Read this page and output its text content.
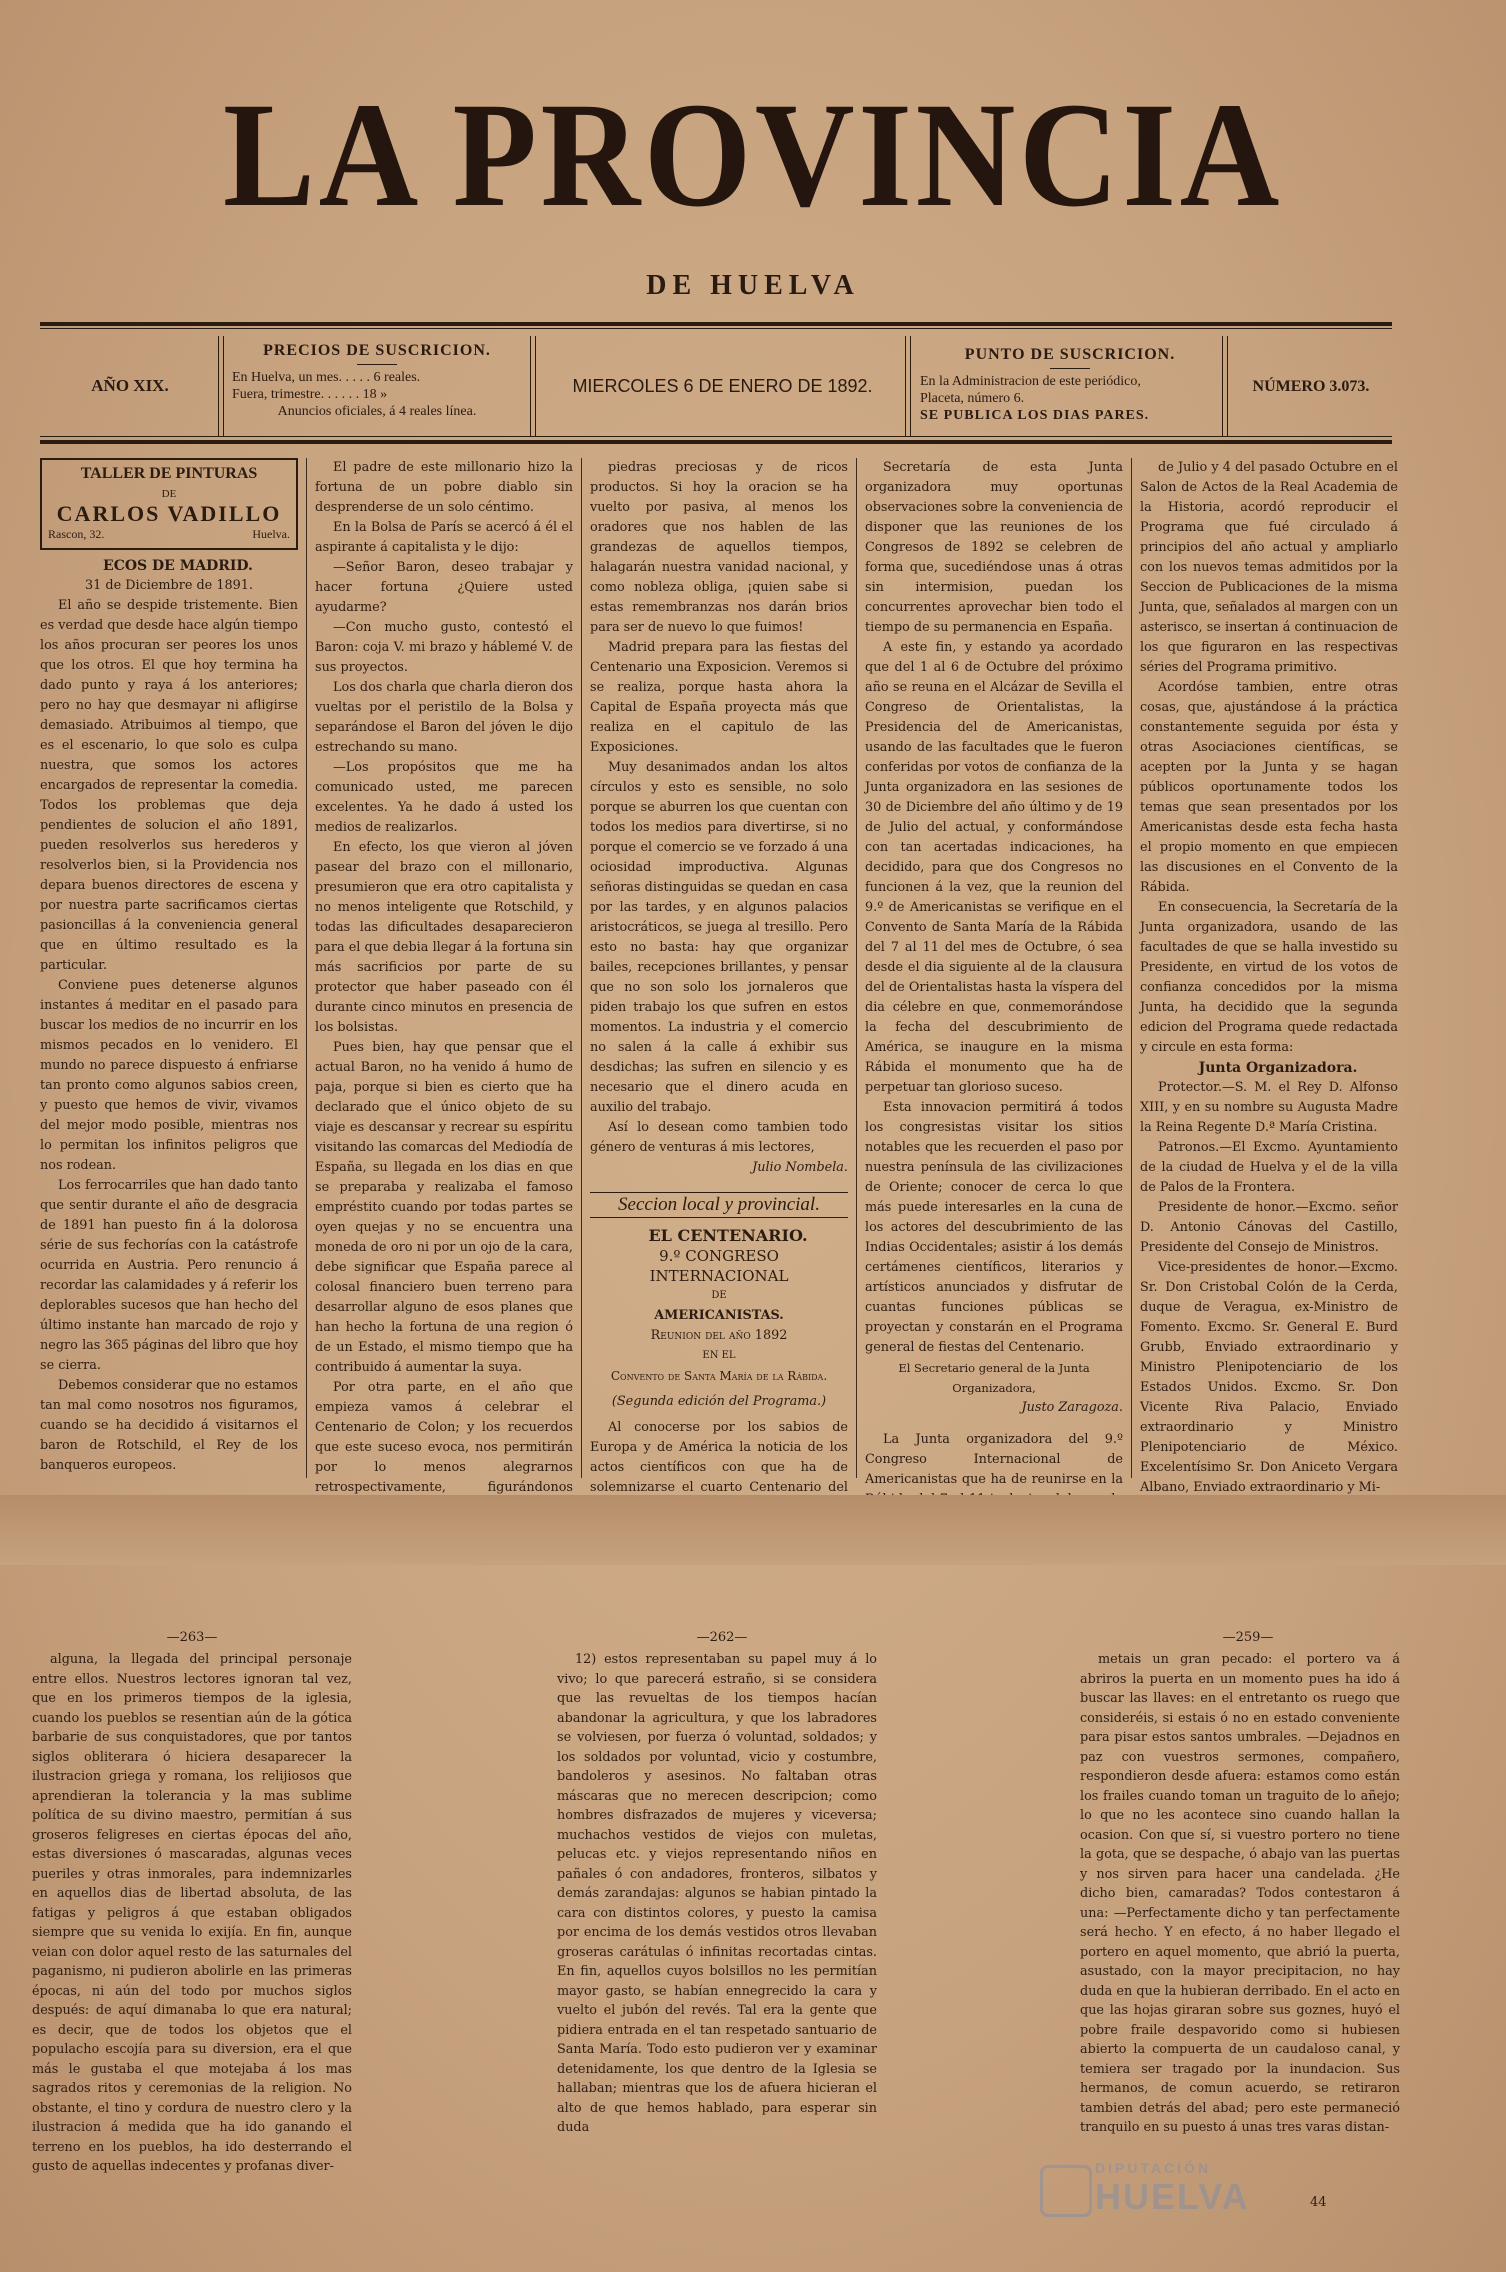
LA PROVINCIA
DE HUELVA
AÑO XIX.
PRECIOS DE SUSCRICION.
En Huelva, un mes. . . . . 6 reales.
Fuera, trimestre. . . . . . 18 »
Anuncios oficiales, á 4 reales línea.
MIERCOLES 6 DE ENERO DE 1892.
PUNTO DE SUSCRICION.
En la Administracion de este periódico,
Placeta, número 6.
SE PUBLICA LOS DIAS PARES.
NÚMERO 3.073.
TALLER DE PINTURAS
DE
CARLOS VADILLO
Rascon, 32.	Huelva.

ECOS DE MADRID.

31 de Diciembre de 1891.

El año se despide tristemente. Bien es verdad que desde hace algún tiempo los años procuran ser peores los unos que los otros. El que hoy termina ha dado punto y raya á los anteriores; pero no hay que desmayar ni afligirse demasiado. Atribuimos al tiempo, que es el escenario, lo que solo es culpa nuestra, que somos los actores encargados de representar la comedia. Todos los problemas que deja pendientes de solucion el año 1891, pueden resolverlos sus herederos y resolverlos bien, si la Providencia nos depara buenos directores de escena y por nuestra parte sacrificamos ciertas pasioncillas á la conveniencia general que en último resultado es la particular.

Conviene pues detenerse algunos instantes á meditar en el pasado para buscar los medios de no incurrir en los mismos pecados en lo venidero. El mundo no parece dispuesto á enfriarse tan pronto como algunos sabios creen, y puesto que hemos de vivir, vivamos del mejor modo posible, mientras nos lo permitan los infinitos peligros que nos rodean.

Los ferrocarriles que han dado tanto que sentir durante el año de desgracia de 1891 han puesto fin á la dolorosa série de sus fechorías con la catástrofe ocurrida en Austria. Pero renuncio á recordar las calamidades y á referir los deplorables sucesos que han hecho del último instante han marcado de rojo y negro las 365 páginas del libro que hoy se cierra.

Debemos considerar que no estamos tan mal como nosotros nos figuramos, cuando se ha decidido á visitarnos el baron de Rotschild, el Rey de los banqueros europeos.

El padre de este millonario hizo la fortuna de un pobre diablo sin desprenderse de un solo céntimo.

En la Bolsa de París se acercó á él el aspirante á capitalista y le dijo:

—Señor Baron, deseo trabajar y hacer fortuna ¿Quiere usted ayudarme?

—Con mucho gusto, contestó el Baron: coja V. mi brazo y háblemé V. de sus proyectos.

Los dos charla que charla dieron dos vueltas por el peristilo de la Bolsa y separándose el Baron del jóven le dijo estrechando su mano.

—Los propósitos que me ha comunicado usted, me parecen excelentes. Ya he dado á usted los medios de realizarlos.

En efecto, los que vieron al jóven pasear del brazo con el millonario, presumieron que era otro capitalista y no menos inteligente que Rotschild, y todas las dificultades desaparecieron para el que debia llegar á la fortuna sin más sacrificios por parte de su protector que haber paseado con él durante cinco minutos en presencia de los bolsistas.

Pues bien, hay que pensar que el actual Baron, no ha venido á humo de paja, porque si bien es cierto que ha declarado que el único objeto de su viaje es descansar y recrear su espíritu visitando las comarcas del Mediodía de España, su llegada en los dias en que se preparaba y realizaba el famoso empréstito cuando por todas partes se oyen quejas y no se encuentra una moneda de oro ni por un ojo de la cara, debe significar que España parece al colosal financiero buen terreno para desarrollar alguno de esos planes que han hecho la fortuna de una region ó de un Estado, el mismo tiempo que ha contribuido á aumentar la suya.

Por otra parte, en el año que empieza vamos á celebrar el Centenario de Colon; y los recuerdos que este suceso evoca, nos permitirán por lo menos alegrarnos retrospectivamente, figurándonos

piedras preciosas y de ricos productos. Si hoy la oracion se ha vuelto por pasiva, al menos los oradores que nos hablen de las grandezas de aquellos tiempos, halagarán nuestra vanidad nacional, y como nobleza obliga, ¡quien sabe si estas remembranzas nos darán brios para ser de nuevo lo que fuimos!

Madrid prepara para las fiestas del Centenario una Exposicion. Veremos si se realiza, porque hasta ahora la Capital de España proyecta más que realiza en el capitulo de las Exposiciones.

Muy desanimados andan los altos círculos y esto es sensible, no solo porque se aburren los que cuentan con todos los medios para divertirse, si no porque el comercio se ve forzado á una ociosidad improductiva. Algunas señoras distinguidas se quedan en casa por las tardes, y en algunos palacios aristocráticos, se juega al tresillo. Pero esto no basta: hay que organizar bailes, recepciones brillantes, y pensar que no son solo los jornaleros que piden trabajo los que sufren en estos momentos. La industria y el comercio no salen á la calle á exhibir sus desdichas; las sufren en silencio y es necesario que el dinero acuda en auxilio del trabajo.

Así lo desean como tambien todo género de venturas á mis lectores,

Julio Nombela.

Seccion local y provincial.

EL CENTENARIO.

9.º CONGRESO INTERNACIONAL

DE

AMERICANISTAS.

Reunion del año 1892

EN EL

Convento de Santa María de la Rábida.

(Segunda edición del Programa.)

Al conocerse por los sabios de Europa y de América la noticia de los actos científicos con que ha de solemnizarse el cuarto Centenario del

Secretaría de esta Junta organizadora muy oportunas observaciones sobre la conveniencia de disponer que las reuniones de los Congresos de 1892 se celebren de forma que, sucediéndose unas á otras sin intermision, puedan los concurrentes aprovechar bien todo el tiempo de su permanencia en España.

A este fin, y estando ya acordado que del 1 al 6 de Octubre del próximo año se reuna en el Alcázar de Sevilla el Congreso de Orientalistas, la Presidencia del de Americanistas, usando de las facultades que le fueron conferidas por votos de confianza de la Junta organizadora en las sesiones de 30 de Diciembre del año último y de 19 de Julio del actual, y conformándose con tan acertadas indicaciones, ha decidido, para que dos Congresos no funcionen á la vez, que la reunion del 9.º de Americanistas se verifique en el Convento de Santa María de la Rábida del 7 al 11 del mes de Octubre, ó sea desde el dia siguiente al de la clausura del de Orientalistas hasta la víspera del dia célebre en que, conmemorándose la fecha del descubrimiento de América, se inaugure en la misma Rábida el monumento que ha de perpetuar tan glorioso suceso.

Esta innovacion permitirá á todos los congresistas visitar los sitios notables que les recuerden el paso por nuestra península de las civilizaciones de Oriente; conocer de cerca lo que más puede interesarles en la cuna de los actores del descubrimiento de las Indias Occidentales; asistir á los demás certámenes científicos, literarios y artísticos anunciados y disfrutar de cuantas funciones públicas se proyectan y constarán en el Programa general de fiestas del Centenario.

El Secretario general de la Junta Organizadora,

Justo Zaragoza.

La Junta organizadora del 9.º Congreso Internacional de Americanistas que ha de reunirse en la

de Julio y 4 del pasado Octubre en el Salon de Actos de la Real Academia de la Historia, acordó reproducir el Programa que fué circulado á principios del año actual y ampliarlo con los nuevos temas admitidos por la Seccion de Publicaciones de la misma Junta, que, señalados al margen con un asterisco, se insertan á continuacion de los que figuraron en las respectivas séries del Programa primitivo.

Acordóse tambien, entre otras cosas, que, ajustándose á la práctica constantemente seguida por ésta y otras Asociaciones científicas, se acepten por la Junta y se hagan públicos oportunamente todos los temas que sean presentados por los Americanistas desde esta fecha hasta el propio momento en que empiecen las discusiones en el Convento de la Rábida.

En consecuencia, la Secretaría de la Junta organizadora, usando de las facultades de que se halla investido su Presidente, en virtud de los votos de confianza concedidos por la misma Junta, ha decidido que la segunda edicion del Programa quede redactada y circule en esta forma:

Junta Organizadora.

Protector.—S. M. el Rey D. Alfonso XIII, y en su nombre su Augusta Madre la Reina Regente D.ª María Cristina.

Patronos.—El Excmo. Ayuntamiento de la ciudad de Huelva y el de la villa de Palos de la Frontera.

Presidente de honor.—Excmo. señor D. Antonio Cánovas del Castillo, Presidente del Consejo de Ministros.

Vice-presidentes de honor.—Excmo. Sr. Don Cristobal Colón de la Cerda, duque de Veragua, ex-Ministro de Fomento. Excmo. Sr. General E. Burd Grubb, Enviado extraordinario y Ministro Plenipotenciario de los Estados Unidos. Excmo. Sr. Don Vicente Riva Palacio, Enviado extraordinario y Ministro Plenipotenciario de México. Excelentísimo Sr. Don Aniceto Vergara Albano, Enviado extraordinario y Mi-

—263—	—262—	—259—

alguna, la llegada del principal personaje entre ellos. Nuestros lectores ignoran tal vez, que en los primeros tiempos de la iglesia, cuando los pueblos se resentian aún de la gótica barbarie de sus conquistadores, que por tantos siglos obliterara ó hiciera desaparecer la ilustracion griega y romana, los relijiosos que aprendieran la tolerancia y la mas sublime política de su divino maestro, permitían á sus groseros feligreses en ciertas épocas del año, estas diversiones ó mascaradas, algunas veces pueriles y otras inmorales, para indemnizarles en aquellos dias de libertad absoluta, de las fatigas y peligros á que estaban obligados siempre que su venida lo exijía. En fin, aunque veian con dolor aquel resto de las saturnales del paganismo, ni pudieron abolirle en las primeras épocas, ni aún del todo por muchos siglos después: de aquí dimanaba lo que era natural; es decir, que de todos los objetos que el populacho escojía para su diversion, era el que más le gustaba el que motejaba á los mas sagrados ritos y ceremonias de la religion. No obstante, el tino y cordura de nuestro clero y la ilustracion á medida que ha ido ganando el terreno en los pueblos, ha ido desterrando el gusto de aquellas indecentes y profanas diver-

12) estos representaban su papel muy á lo vivo; lo que parecerá estraño, si se considera que las revueltas de los tiempos hacían abandonar la agricultura, y que los labradores se volviesen, por fuerza ó voluntad, soldados; y los soldados por voluntad, vicio y costumbre, bandoleros y asesinos. No faltaban otras máscaras que no merecen descripcion; como hombres disfrazados de mujeres y viceversa; muchachos vestidos de viejos con muletas, pelucas etc. y viejos representando niños en pañales ó con andadores, fronteros, silbatos y demás zarandajas: algunos se habian pintado la cara con distintos colores, y puesto la camisa por encima de los demás vestidos otros llevaban groseras carátulas ó infinitas recortadas cintas. En fin, aquellos cuyos bolsillos no les permitían mayor gasto, se habían ennegrecido la cara y vuelto el jubón del revés. Tal era la gente que pidiera entrada en el tan respetado santuario de Santa María. Todo esto pudieron ver y examinar detenidamente, los que dentro de la Iglesia se hallaban; mientras que los de afuera hicieran el alto de que hemos hablado, para esperar sin duda

metais un gran pecado: el portero va á abriros la puerta en un momento pues ha ido á buscar las llaves: en el entretanto os ruego que consideréis, si estais ó no en estado conveniente para pisar estos santos umbrales. —Dejadnos en paz con vuestros sermones, compañero, respondieron desde afuera: estamos como están los frailes cuando toman un traguito de lo añejo; lo que no les acontece sino cuando hallan la ocasion. Con que sí, si vuestro portero no tiene la gota, que se despache, ó abajo van las puertas y nos sirven para hacer una candelada. ¿He dicho bien, camaradas? Todos contestaron á una: —Perfectamente dicho y tan perfectamente será hecho. Y en efecto, á no haber llegado el portero en aquel momento, que abrió la puerta, asustado, con la mayor precipitacion, no hay duda en que la hubieran derribado. En el acto en que las hojas giraran sobre sus goznes, huyó el pobre fraile despavorido como si hubiesen abierto la compuerta de un caudaloso canal, y temiera ser tragado por la inundacion. Sus hermanos, de comun acuerdo, se retiraron tambien detrás del abad; pero este permaneció tranquilo en su puesto á unas tres varas distan-

DIPUTACIÓN
HUELVA	44
